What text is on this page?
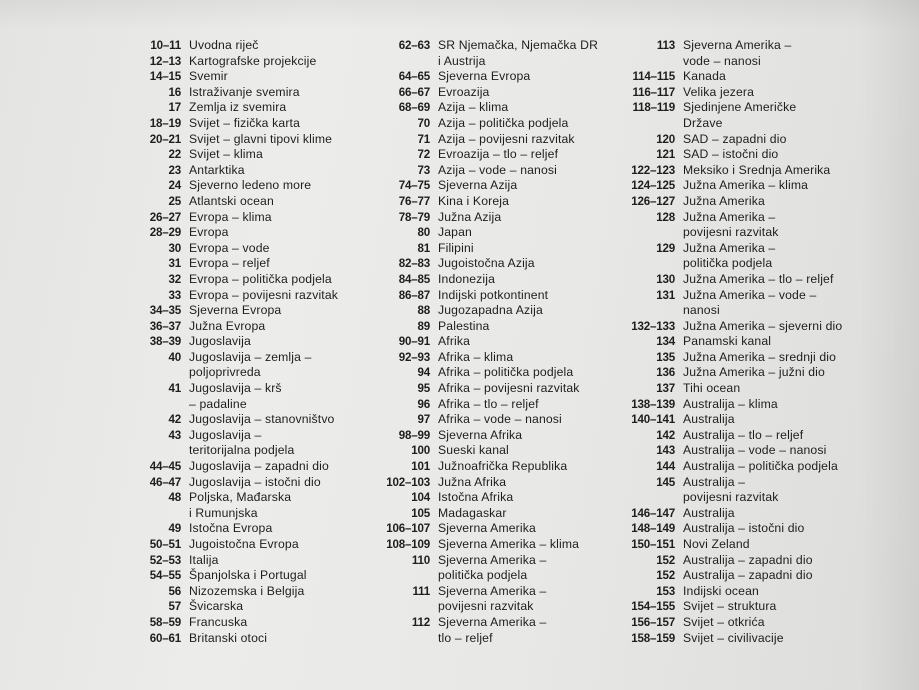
10–11 Uvodna riječ
12–13 Kartografske projekcije
14–15 Svemir
16 Istraživanje svemira
17 Zemlja iz svemira
18–19 Svijet – fizička karta
20–21 Svijet – glavni tipovi klime
22 Svijet – klima
23 Antarktika
24 Sjeverno ledeno more
25 Atlantski ocean
26–27 Evropa – klima
28–29 Evropa
30 Evropa – vode
31 Evropa – reljef
32 Evropa – politička podjela
33 Evropa – povijesni razvitak
34–35 Sjeverna Evropa
36–37 Južna Evropa
38–39 Jugoslavija
40 Jugoslavija – zemlja –
poljoprivreda
41 Jugoslavija – krš
– padaline
42 Jugoslavija – stanovništvo
43 Jugoslavija –
teritorijalna podjela
44–45 Jugoslavija – zapadni dio
46–47 Jugoslavija – istočni dio
48 Poljska, Mađarska
i Rumunjska
49 Istočna Evropa
50–51 Jugoistočna Evropa
52–53 Italija
54–55 Španjolska i Portugal
56 Nizozemska i Belgija
57 Švicarska
58–59 Francuska
60–61 Britanski otoci
62–63 SR Njemačka, Njemačka DR
i Austrija
64–65 Sjeverna Evropa
66–67 Evroazija
68–69 Azija – klima
70 Azija – politička podjela
71 Azija – povijesni razvitak
72 Evroazija – tlo – reljef
73 Azija – vode – nanosi
74–75 Sjeverna Azija
76–77 Kina i Koreja
78–79 Južna Azija
80 Japan
81 Filipini
82–83 Jugoistočna Azija
84–85 Indonezija
86–87 Indijski potkontinent
88 Jugozapadna Azija
89 Palestina
90–91 Afrika
92–93 Afrika – klima
94 Afrika – politička podjela
95 Afrika – povijesni razvitak
96 Afrika – tlo – reljef
97 Afrika – vode – nanosi
98–99 Sjeverna Afrika
100 Sueski kanal
101 Južnoafrička Republika
102–103 Južna Afrika
104 Istočna Afrika
105 Madagaskar
106–107 Sjeverna Amerika
108–109 Sjeverna Amerika – klima
110 Sjeverna Amerika –
politička podjela
111 Sjeverna Amerika –
povijesni razvitak
112 Sjeverna Amerika –
tlo – reljef
113 Sjeverna Amerika –
vode – nanosi
114–115 Kanada
116–117 Velika jezera
118–119 Sjedinjene Američke
Države
120 SAD – zapadni dio
121 SAD – istočni dio
122–123 Meksiko i Srednja Amerika
124–125 Južna Amerika – klima
126–127 Južna Amerika
128 Južna Amerika –
povijesni razvitak
129 Južna Amerika –
politička podjela
130 Južna Amerika – tlo – reljef
131 Južna Amerika – vode –
nanosi
132–133 Južna Amerika – sjeverni dio
134 Panamski kanal
135 Južna Amerika – srednji dio
136 Južna Amerika – južni dio
137 Tihi ocean
138–139 Australija – klima
140–141 Australija
142 Australija – tlo – reljef
143 Australija – vode – nanosi
144 Australija – politička podjela
145 Australija –
povijesni razvitak
146–147 Australija
148–149 Australija – istočni dio
150–151 Novi Zeland
152 Australija – zapadni dio
152 Australija – zapadni dio
153 Indijski ocean
154–155 Svijet – struktura
156–157 Svijet – otkrića
158–159 Svijet – civilivacije
